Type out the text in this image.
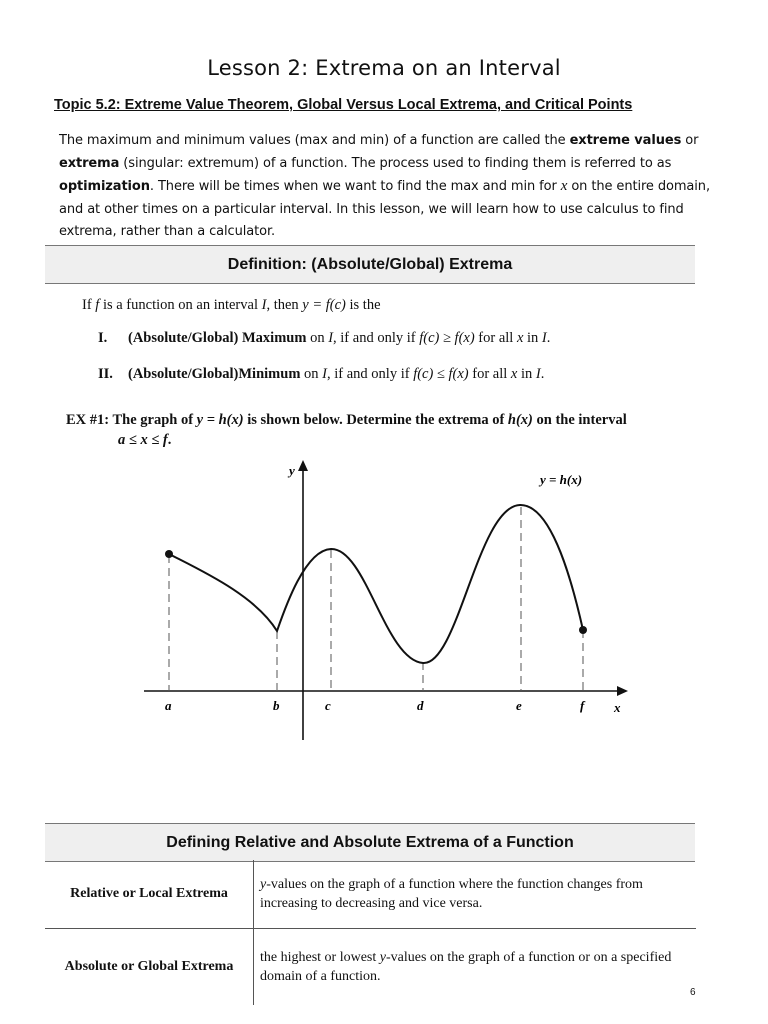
Lesson 2: Extrema on an Interval
Topic 5.2: Extreme Value Theorem, Global Versus Local Extrema, and Critical Points
The maximum and minimum values (max and min) of a function are called the extreme values or extrema (singular: extremum) of a function. The process used to finding them is referred to as optimization. There will be times when we want to find the max and min for x on the entire domain, and at other times on a particular interval. In this lesson, we will learn how to use calculus to find extrema, rather than a calculator.
Definition: (Absolute/Global) Extrema
If f is a function on an interval I, then y = f(c) is the
I. (Absolute/Global) Maximum on I, if and only if f(c) ≥ f(x) for all x in I.
II. (Absolute/Global)Minimum on I, if and only if f(c) ≤ f(x) for all x in I.
EX #1: The graph of y = h(x) is shown below. Determine the extrema of h(x) on the interval
a ≤ x ≤ f.
y
y = h(x)
x
a	b	c	d	e	f
Defining Relative and Absolute Extrema of a Function
Relative or Local Extrema	y-values on the graph of a function where the function changes from increasing to decreasing and vice versa.
Absolute or Global Extrema	the highest or lowest y-values on the graph of a function or on a specified domain of a function.
6
